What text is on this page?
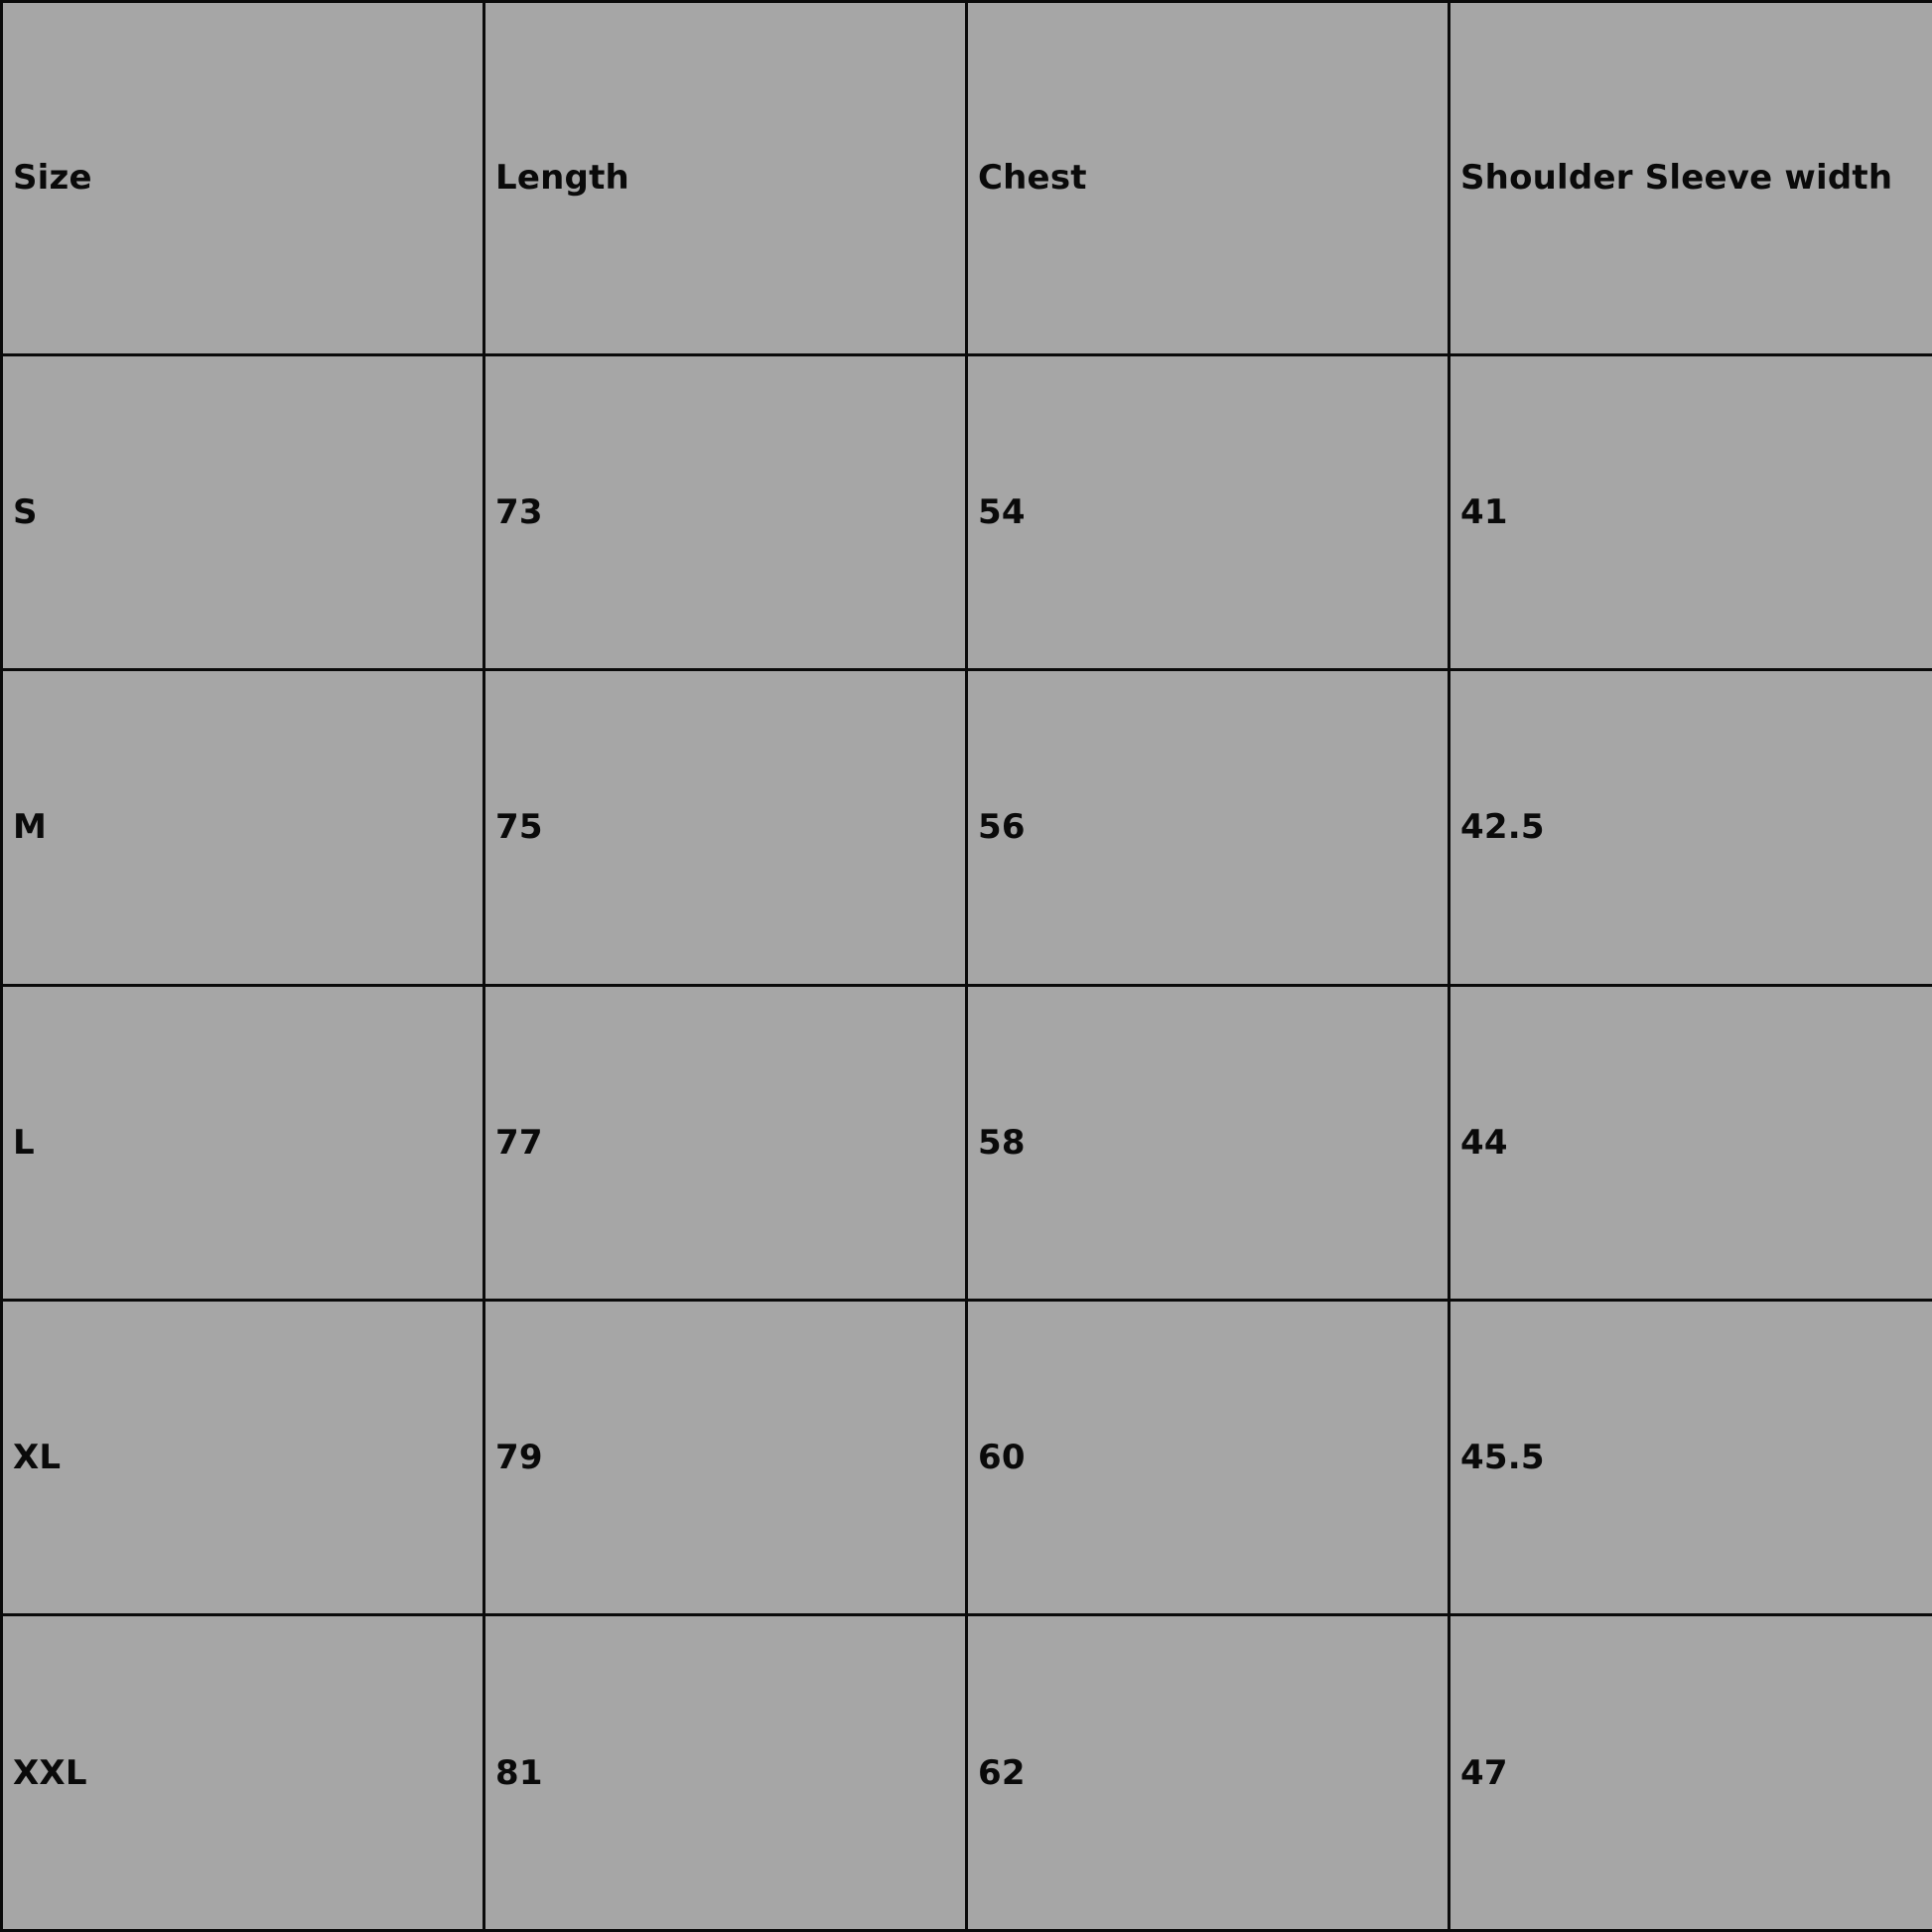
Size	Length	Chest	Shoulder Sleeve width
S	73	54	41
M	75	56	42.5
L	77	58	44
XL	79	60	45.5
XXL	81	62	47
